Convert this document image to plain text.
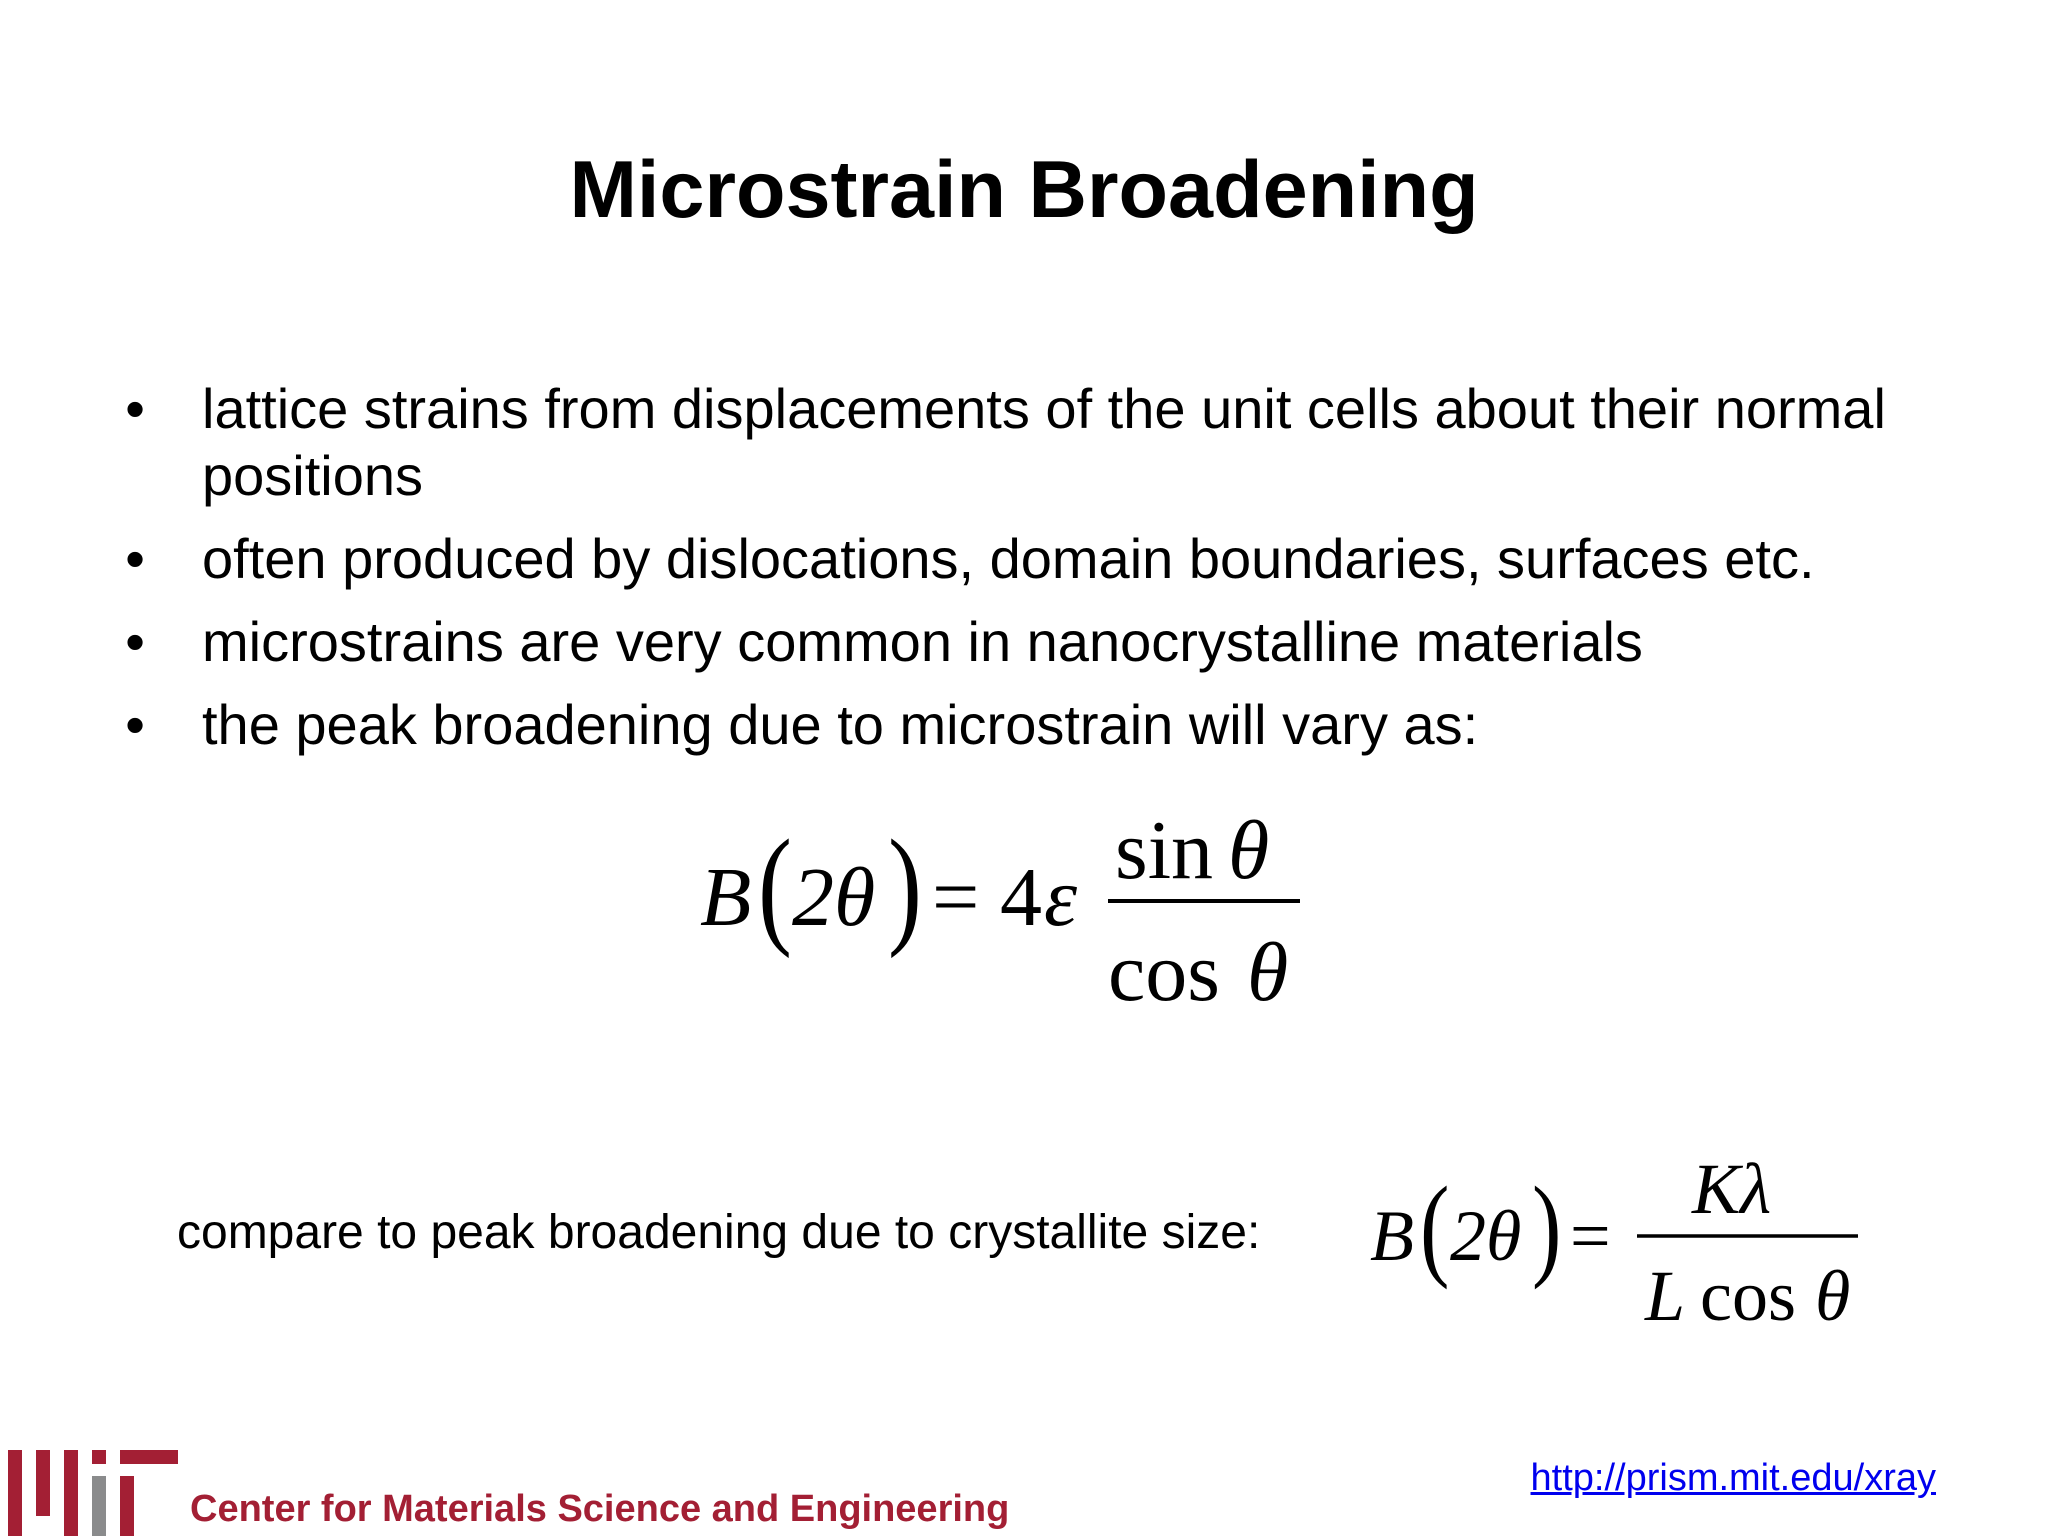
Microstrain Broadening
• lattice strains from displacements of the unit cells about their normal positions
• often produced by dislocations, domain boundaries, surfaces etc.
• microstrains are very common in nanocrystalline materials
• the peak broadening due to microstrain will vary as:
B ( 2θ ) = 4 ε
sin θ
cos θ
compare to peak broadening due to crystallite size: B ( 2θ ) =
Kλ
L cos θ
Center for Materials Science and Engineering
http://prism.mit.edu/xray
